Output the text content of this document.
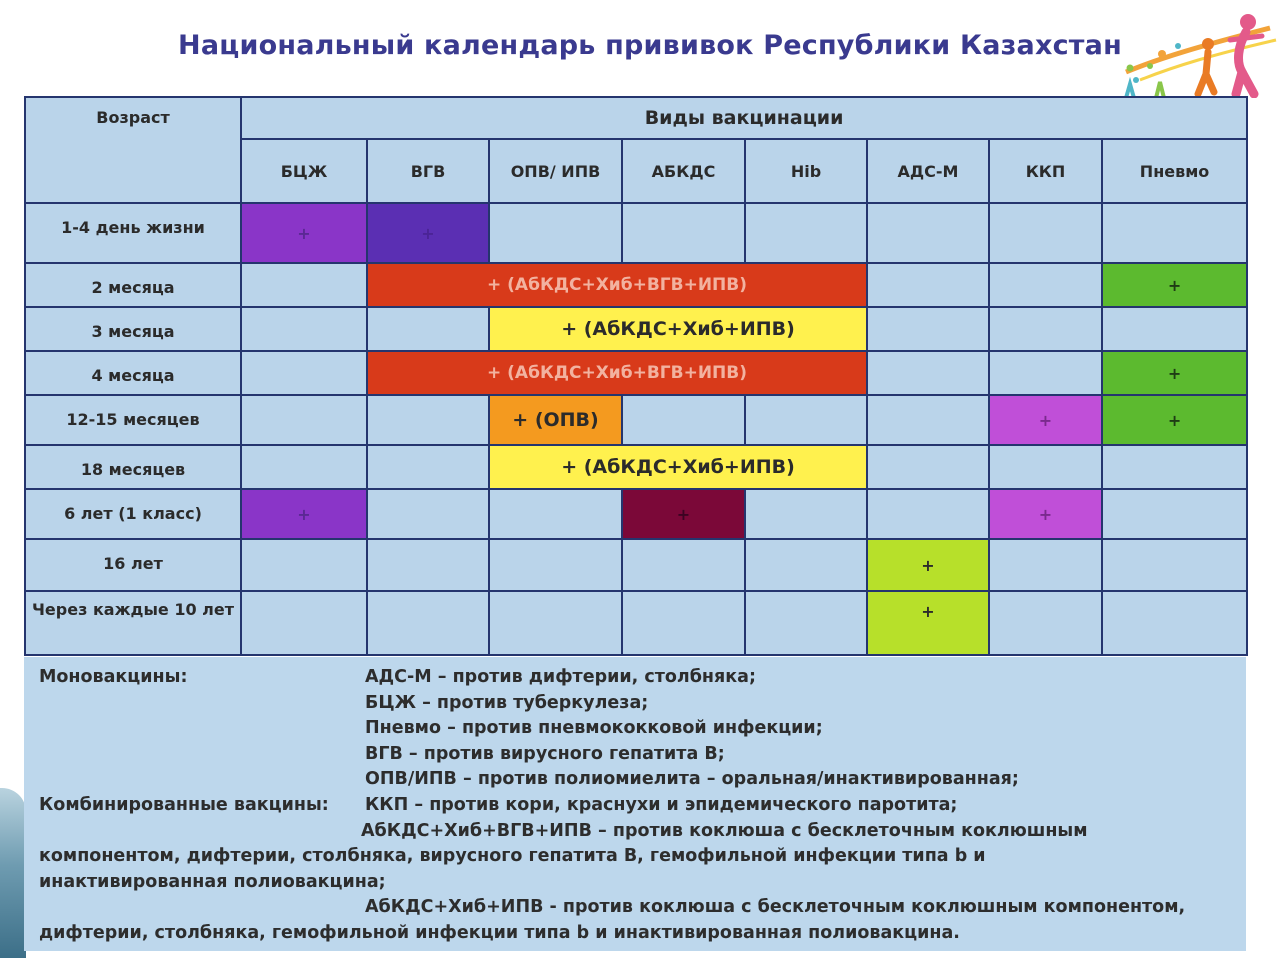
Национальный календарь прививок Республики Казахстан
Возраст	Виды вакцинации							
	БЦЖ	ВГВ	ОПВ/ ИПВ	АБКДС	Hib	АДС-М	ККП	Пневмо
1-4 день жизни	+	+						
2 месяца		+ (АбКДС+Хиб+ВГВ+ИПВ)						+
3 месяца			+ (АбКДС+Хиб+ИПВ)					
4 месяца		+ (АбКДС+Хиб+ВГВ+ИПВ)						+
12-15 месяцев			+ (ОПВ)				+	+
18 месяцев			+ (АбКДС+Хиб+ИПВ)					
6 лет (1 класс)	+			+			+	
16 лет						+		
Через каждые 10 лет						+		
Моновакцины:	АДС-М – против дифтерии, столбняка;
БЦЖ – против туберкулеза;
Пневмо – против пневмококковой инфекции;
ВГВ – против вирусного гепатита В;
ОПВ/ИПВ – против полиомиелита – оральная/инактивированная;
Комбинированные вакцины: ККП – против кори, краснухи и эпидемического паротита;
АбКДС+Хиб+ВГВ+ИПВ – против коклюша с бесклеточным коклюшным
компонентом, дифтерии, столбняка, вирусного гепатита В, гемофильной инфекции типа b и
инактивированная полиовакцина;
АбКДС+Хиб+ИПВ - против коклюша с бесклеточным коклюшным компонентом,
дифтерии, столбняка, гемофильной инфекции типа b и инактивированная полиовакцина.
